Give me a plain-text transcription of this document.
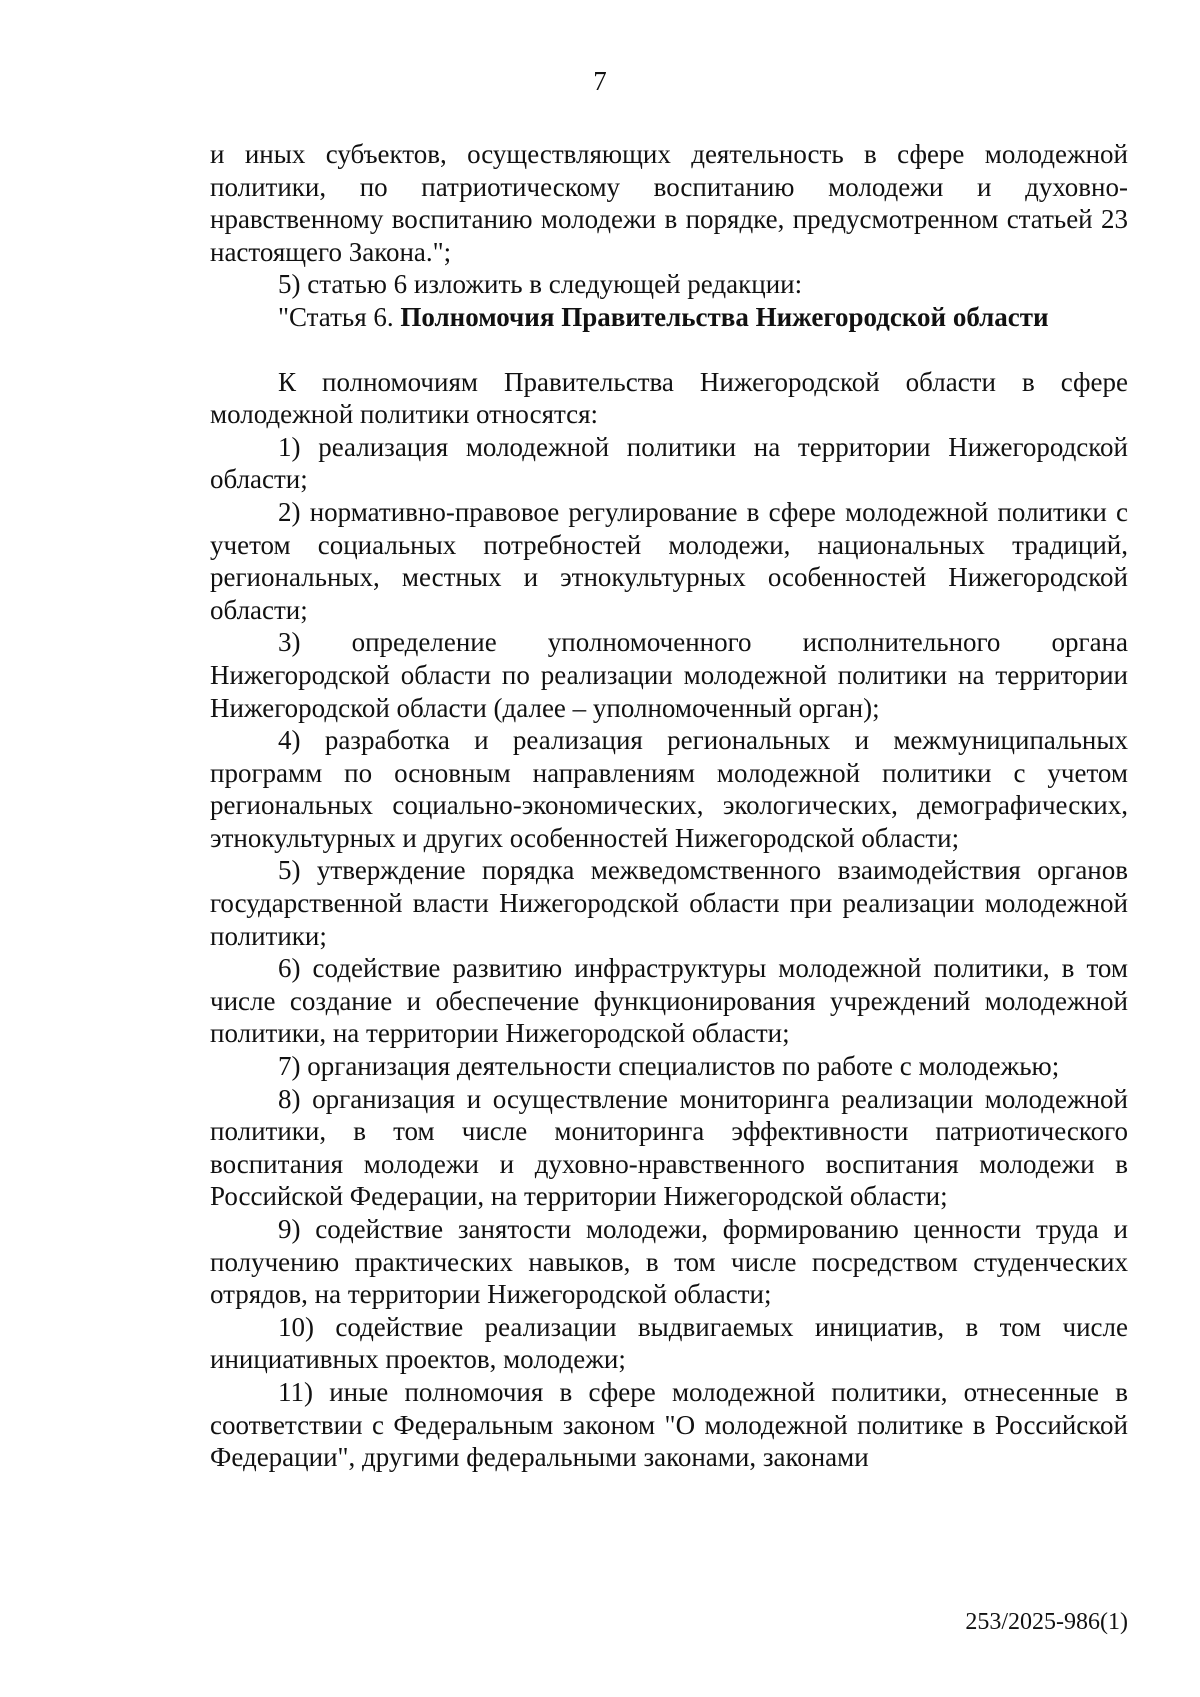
7

и иных субъектов, осуществляющих деятельность в сфере молодежной политики, по патриотическому воспитанию молодежи и духовно-нравственному воспитанию молодежи в порядке, предусмотренном статьей 23 настоящего Закона.";

5) статью 6 изложить в следующей редакции:

"Статья 6. Полномочия Правительства Нижегородской области

К полномочиям Правительства Нижегородской области в сфере молодежной политики относятся:

1) реализация молодежной политики на территории Нижегородской области;

2) нормативно-правовое регулирование в сфере молодежной политики с учетом социальных потребностей молодежи, национальных традиций, региональных, местных и этнокультурных особенностей Нижегородской области;

3) определение уполномоченного исполнительного органа Нижегородской области по реализации молодежной политики на территории Нижегородской области (далее – уполномоченный орган);

4) разработка и реализация региональных и межмуниципальных программ по основным направлениям молодежной политики с учетом региональных социально-экономических, экологических, демографических, этнокультурных и других особенностей Нижегородской области;

5) утверждение порядка межведомственного взаимодействия органов государственной власти Нижегородской области при реализации молодежной политики;

6) содействие развитию инфраструктуры молодежной политики, в том числе создание и обеспечение функционирования учреждений молодежной политики, на территории Нижегородской области;

7) организация деятельности специалистов по работе с молодежью;

8) организация и осуществление мониторинга реализации молодежной политики, в том числе мониторинга эффективности патриотического воспитания молодежи и духовно-нравственного воспитания молодежи в Российской Федерации, на территории Нижегородской области;

9) содействие занятости молодежи, формированию ценности труда и получению практических навыков, в том числе посредством студенческих отрядов, на территории Нижегородской области;

10) содействие реализации выдвигаемых инициатив, в том числе инициативных проектов, молодежи;

11) иные полномочия в сфере молодежной политики, отнесенные в соответствии с Федеральным законом "О молодежной политике в Российской Федерации", другими федеральными законами, законами

253/2025-986(1)
